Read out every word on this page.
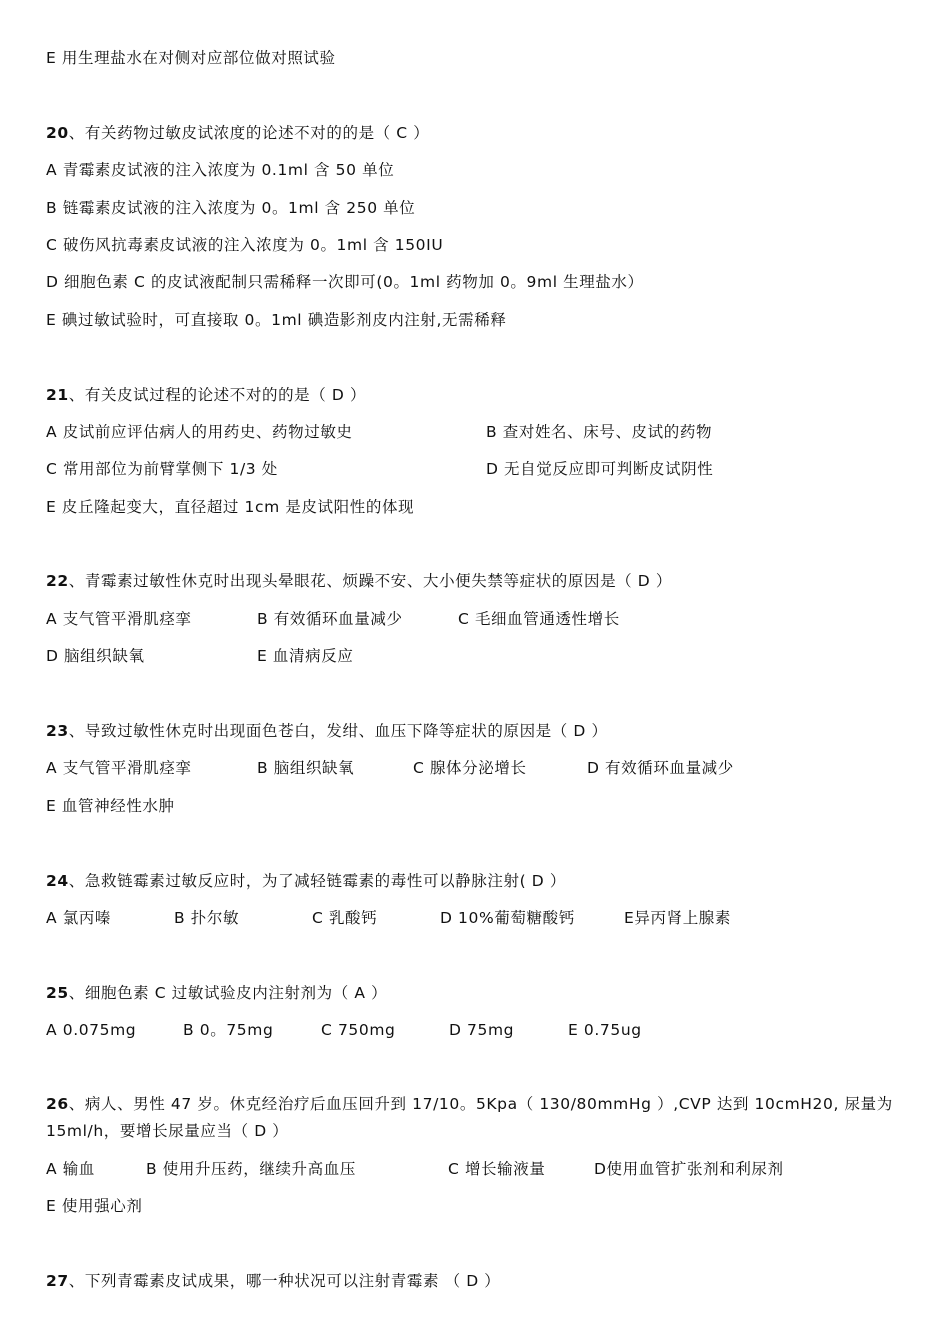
E 用生理盐水在对侧对应部位做对照试验
20、有关药物过敏皮试浓度的论述不对的的是（ C ）
A 青霉素皮试液的注入浓度为 0.1ml 含 50 单位
B 链霉素皮试液的注入浓度为 0。1ml 含 250 单位
C 破伤风抗毒素皮试液的注入浓度为 0。1ml 含 150IU
D 细胞色素 C 的皮试液配制只需稀释一次即可(0。1ml 药物加 0。9ml 生理盐水）
E 碘过敏试验时，可直接取 0。1ml 碘造影剂皮内注射,无需稀释
21、有关皮试过程的论述不对的的是（ D ）
A 皮试前应评估病人的用药史、药物过敏史	B 查对姓名、床号、皮试的药物
C 常用部位为前臂掌侧下 1/3 处	D 无自觉反应即可判断皮试阴性
E 皮丘隆起变大，直径超过 1cm 是皮试阳性的体现
22、青霉素过敏性休克时出现头晕眼花、烦躁不安、大小便失禁等症状的原因是（ D ）
A 支气管平滑肌痉挛	B 有效循环血量减少	C 毛细血管通透性增长
D 脑组织缺氧	E 血清病反应
23、导致过敏性休克时出现面色苍白，发绀、血压下降等症状的原因是（ D ）
A 支气管平滑肌痉挛	B 脑组织缺氧	C 腺体分泌增长	D 有效循环血量减少
E 血管神经性水肿
24、急救链霉素过敏反应时，为了减轻链霉素的毒性可以静脉注射( D ）
A 氯丙嗪	B 扑尔敏	C 乳酸钙	D 10%葡萄糖酸钙	E异丙肾上腺素
25、细胞色素 C 过敏试验皮内注射剂为（ A ）
A 0.075mg	B 0。75mg	C 750mg	D 75mg	E 0.75ug
26、病人、男性 47 岁。休克经治疗后血压回升到 17/10。5Kpa（ 130/80mmHg ）,CVP 达到 10cmH20, 尿量为 15ml/h，要增长尿量应当（ D ）
A 输血	B 使用升压药，继续升高血压	C 增长输液量	D使用血管扩张剂和利尿剂
E 使用强心剂
27、下列青霉素皮试成果，哪一种状况可以注射青霉素 （ D ）
